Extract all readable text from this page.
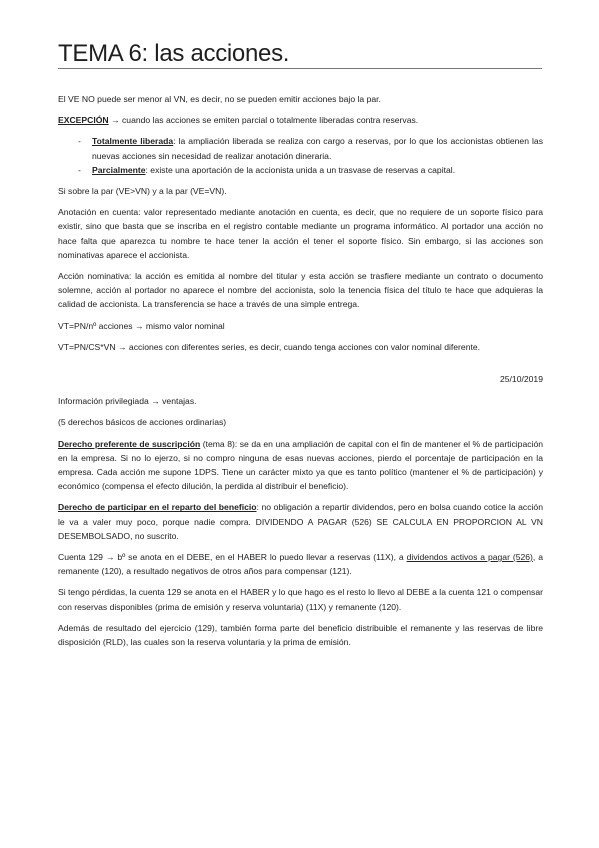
TEMA 6: las acciones.

El VE NO puede ser menor al VN, es decir, no se pueden emitir acciones bajo la par.

EXCEPCIÓN → cuando las acciones se emiten parcial o totalmente liberadas contra reservas.

- Totalmente liberada: la ampliación liberada se realiza con cargo a reservas, por lo que los accionistas obtienen las nuevas acciones sin necesidad de realizar anotación dineraria.

- Parcialmente: existe una aportación de la accionista unida a un trasvase de reservas a capital.

Si sobre la par (VE>VN) y a la par (VE=VN).

Anotación en cuenta: valor representado mediante anotación en cuenta, es decir, que no requiere de un soporte físico para existir, sino que basta que se inscriba en el registro contable mediante un programa informático. Al portador una acción no hace falta que aparezca tu nombre te hace tener la acción el tener el soporte físico. Sin embargo, si las acciones son nominativas aparece el accionista.

Acción nominativa: la acción es emitida al nombre del titular y esta acción se trasfiere mediante un contrato o documento solemne, acción al portador no aparece el nombre del accionista, solo la tenencia física del título te hace que adquieras la calidad de accionista. La transferencia se hace a través de una simple entrega.

VT=PN/nº acciones → mismo valor nominal

VT=PN/CS*VN → acciones con diferentes series, es decir, cuando tenga acciones con valor nominal diferente.

25/10/2019

Información privilegiada → ventajas.

(5 derechos básicos de acciones ordinarias)

Derecho preferente de suscripción (tema 8): se da en una ampliación de capital con el fin de mantener el % de participación en la empresa. Si no lo ejerzo, si no compro ninguna de esas nuevas acciones, pierdo el porcentaje de participación en la empresa. Cada acción me supone 1DPS. Tiene un carácter mixto ya que es tanto político (mantener el % de participación) y económico (compensa el efecto dilución, la perdida al distribuir el beneficio).

Derecho de participar en el reparto del beneficio: no obligación a repartir dividendos, pero en bolsa cuando cotice la acción le va a valer muy poco, porque nadie compra. DIVIDENDO A PAGAR (526) SE CALCULA EN PROPORCION AL VN DESEMBOLSADO, no suscrito.

Cuenta 129 → bº se anota en el DEBE, en el HABER lo puedo llevar a reservas (11X), a dividendos activos a pagar (526), a remanente (120), a resultado negativos de otros años para compensar (121).

Si tengo pérdidas, la cuenta 129 se anota en el HABER y lo que hago es el resto lo llevo al DEBE a la cuenta 121 o compensar con reservas disponibles (prima de emisión y reserva voluntaria) (11X) y remanente (120).

Además de resultado del ejercicio (129), también forma parte del beneficio distribuible el remanente y las reservas de libre disposición (RLD), las cuales son la reserva voluntaria y la prima de emisión.
